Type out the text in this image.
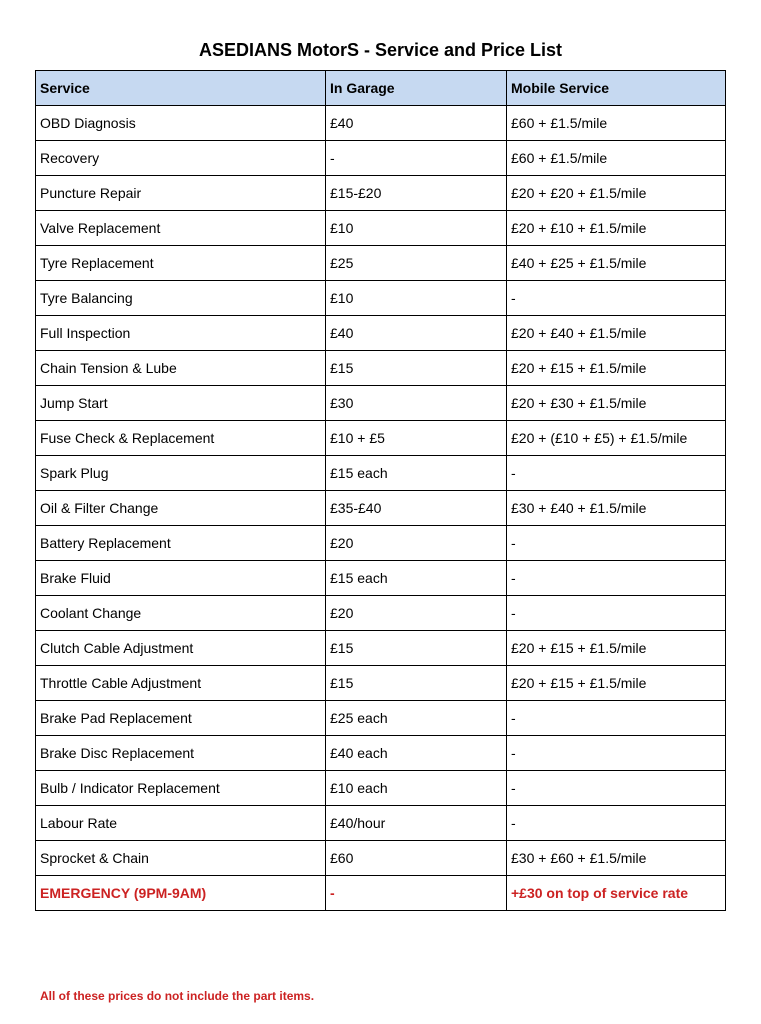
ASEDIANS MotorS - Service and Price List
Service	In Garage	Mobile Service
OBD Diagnosis	£40	£60 + £1.5/mile
Recovery	-	£60 + £1.5/mile
Puncture Repair	£15-£20	£20 + £20 + £1.5/mile
Valve Replacement	£10	£20 + £10 + £1.5/mile
Tyre Replacement	£25	£40 + £25 + £1.5/mile
Tyre Balancing	£10	-
Full Inspection	£40	£20 + £40 + £1.5/mile
Chain Tension & Lube	£15	£20 + £15 + £1.5/mile
Jump Start	£30	£20 + £30 + £1.5/mile
Fuse Check & Replacement	£10 + £5	£20 + (£10 + £5) + £1.5/mile
Spark Plug	£15 each	-
Oil & Filter Change	£35-£40	£30 + £40 + £1.5/mile
Battery Replacement	£20	-
Brake Fluid	£15 each	-
Coolant Change	£20	-
Clutch Cable Adjustment	£15	£20 + £15 + £1.5/mile
Throttle Cable Adjustment	£15	£20 + £15 + £1.5/mile
Brake Pad Replacement	£25 each	-
Brake Disc Replacement	£40 each	-
Bulb / Indicator Replacement	£10 each	-
Labour Rate	£40/hour	-
Sprocket & Chain	£60	£30 + £60 + £1.5/mile
EMERGENCY (9PM-9AM)	-	+£30 on top of service rate
All of these prices do not include the part items.
